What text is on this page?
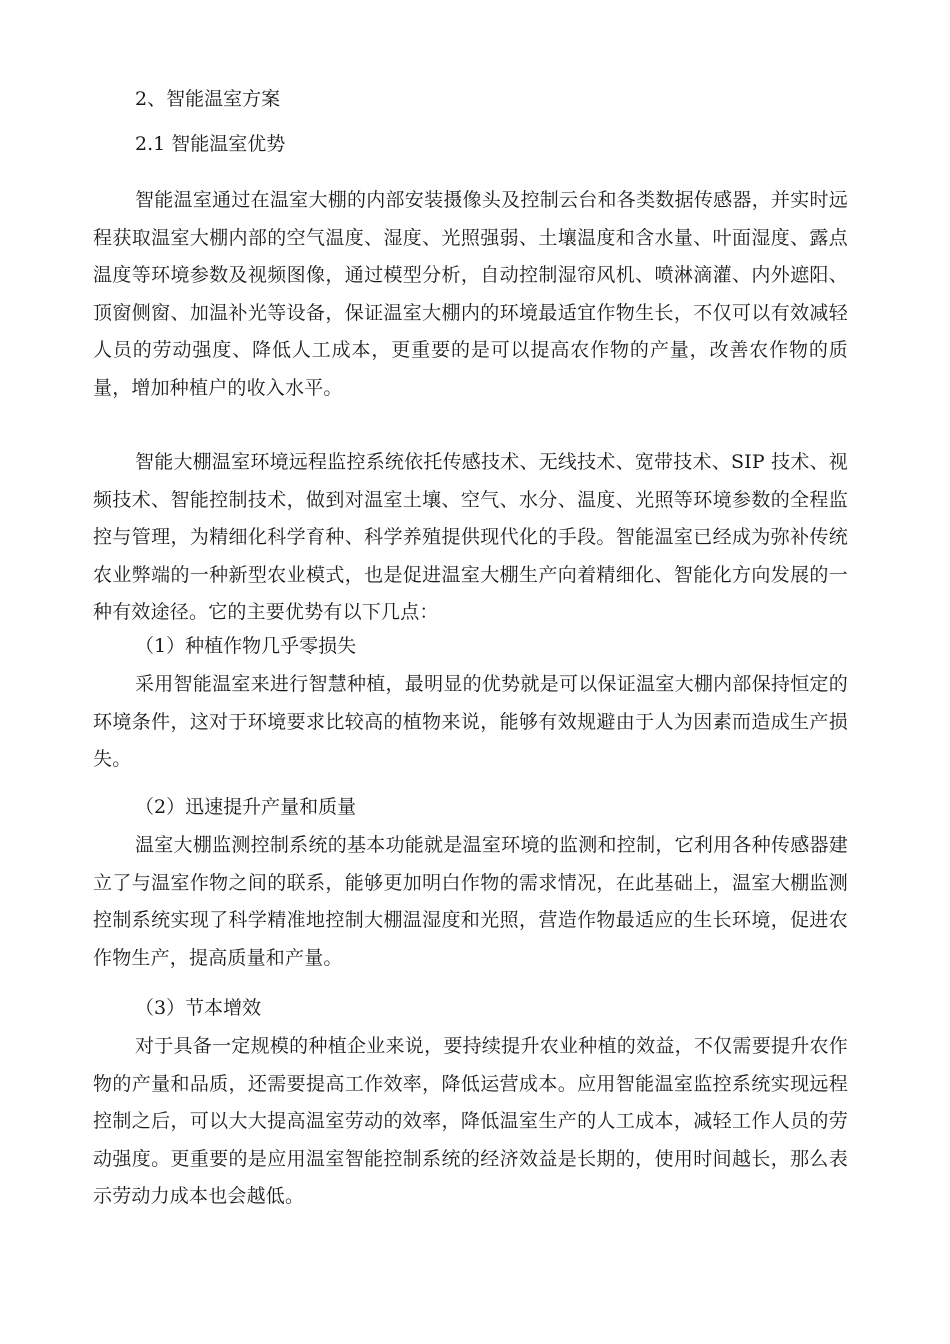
2、智能温室方案
2.1 智能温室优势
智能温室通过在温室大棚的内部安装摄像头及控制云台和各类数据传感器，并实时远程获取温室大棚内部的空气温度、湿度、光照强弱、土壤温度和含水量、叶面湿度、露点温度等环境参数及视频图像，通过模型分析，自动控制湿帘风机、喷淋滴灌、内外遮阳、顶窗侧窗、加温补光等设备，保证温室大棚内的环境最适宜作物生长，不仅可以有效减轻人员的劳动强度、降低人工成本，更重要的是可以提高农作物的产量，改善农作物的质量，增加种植户的收入水平。
智能大棚温室环境远程监控系统依托传感技术、无线技术、宽带技术、SIP 技术、视频技术、智能控制技术，做到对温室土壤、空气、水分、温度、光照等环境参数的全程监控与管理，为精细化科学育种、科学养殖提供现代化的手段。智能温室已经成为弥补传统农业弊端的一种新型农业模式，也是促进温室大棚生产向着精细化、智能化方向发展的一种有效途径。它的主要优势有以下几点：
（1）种植作物几乎零损失
采用智能温室来进行智慧种植，最明显的优势就是可以保证温室大棚内部保持恒定的环境条件，这对于环境要求比较高的植物来说，能够有效规避由于人为因素而造成生产损失。
（2）迅速提升产量和质量
温室大棚监测控制系统的基本功能就是温室环境的监测和控制，它利用各种传感器建立了与温室作物之间的联系，能够更加明白作物的需求情况，在此基础上，温室大棚监测控制系统实现了科学精准地控制大棚温湿度和光照，营造作物最适应的生长环境，促进农作物生产，提高质量和产量。
（3）节本增效
对于具备一定规模的种植企业来说，要持续提升农业种植的效益，不仅需要提升农作物的产量和品质，还需要提高工作效率，降低运营成本。应用智能温室监控系统实现远程控制之后，可以大大提高温室劳动的效率，降低温室生产的人工成本，减轻工作人员的劳动强度。更重要的是应用温室智能控制系统的经济效益是长期的，使用时间越长，那么表示劳动力成本也会越低。
